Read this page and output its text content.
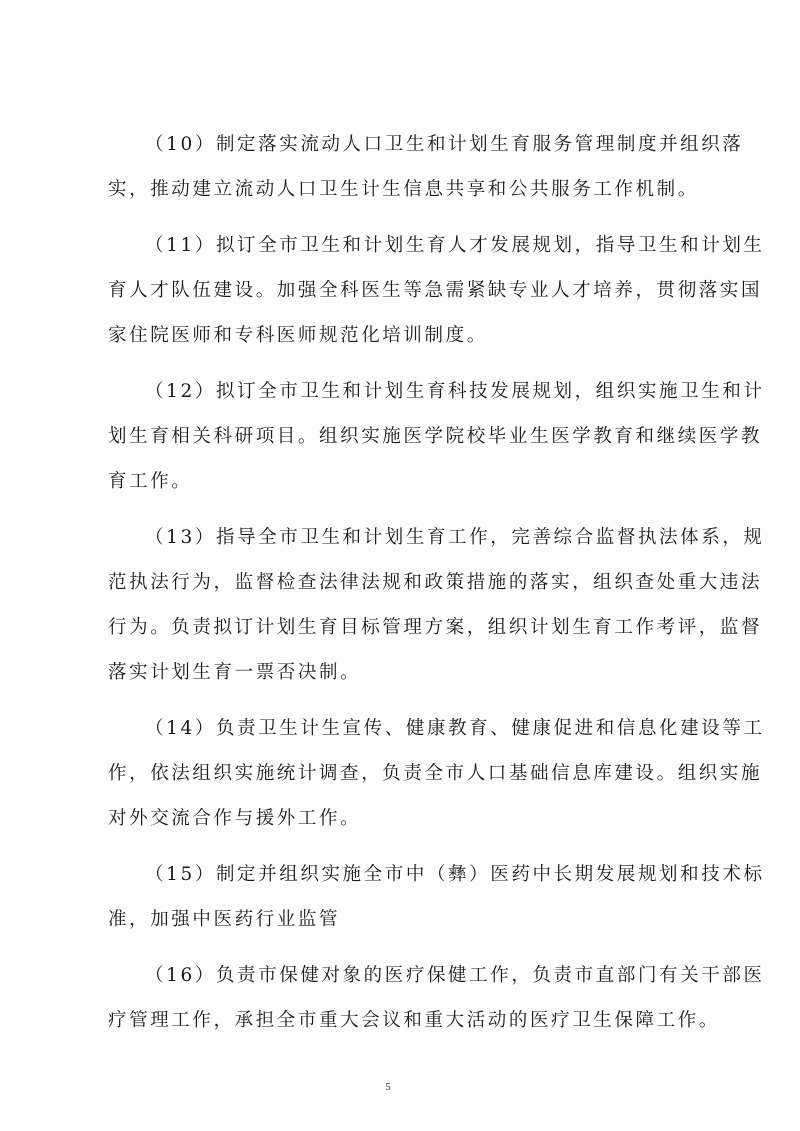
（10）制定落实流动人口卫生和计划生育服务管理制度并组织落
实，推动建立流动人口卫生计生信息共享和公共服务工作机制。

（11）拟订全市卫生和计划生育人才发展规划，指导卫生和计划生
育人才队伍建设。加强全科医生等急需紧缺专业人才培养，贯彻落实国
家住院医师和专科医师规范化培训制度。

（12）拟订全市卫生和计划生育科技发展规划，组织实施卫生和计
划生育相关科研项目。组织实施医学院校毕业生医学教育和继续医学教
育工作。

（13）指导全市卫生和计划生育工作，完善综合监督执法体系，规
范执法行为，监督检查法律法规和政策措施的落实，组织查处重大违法
行为。负责拟订计划生育目标管理方案，组织计划生育工作考评，监督
落实计划生育一票否决制。

（14）负责卫生计生宣传、健康教育、健康促进和信息化建设等工
作，依法组织实施统计调查，负责全市人口基础信息库建设。组织实施
对外交流合作与援外工作。

（15）制定并组织实施全市中（彝）医药中长期发展规划和技术标
准，加强中医药行业监管

（16）负责市保健对象的医疗保健工作，负责市直部门有关干部医
疗管理工作，承担全市重大会议和重大活动的医疗卫生保障工作。

5
